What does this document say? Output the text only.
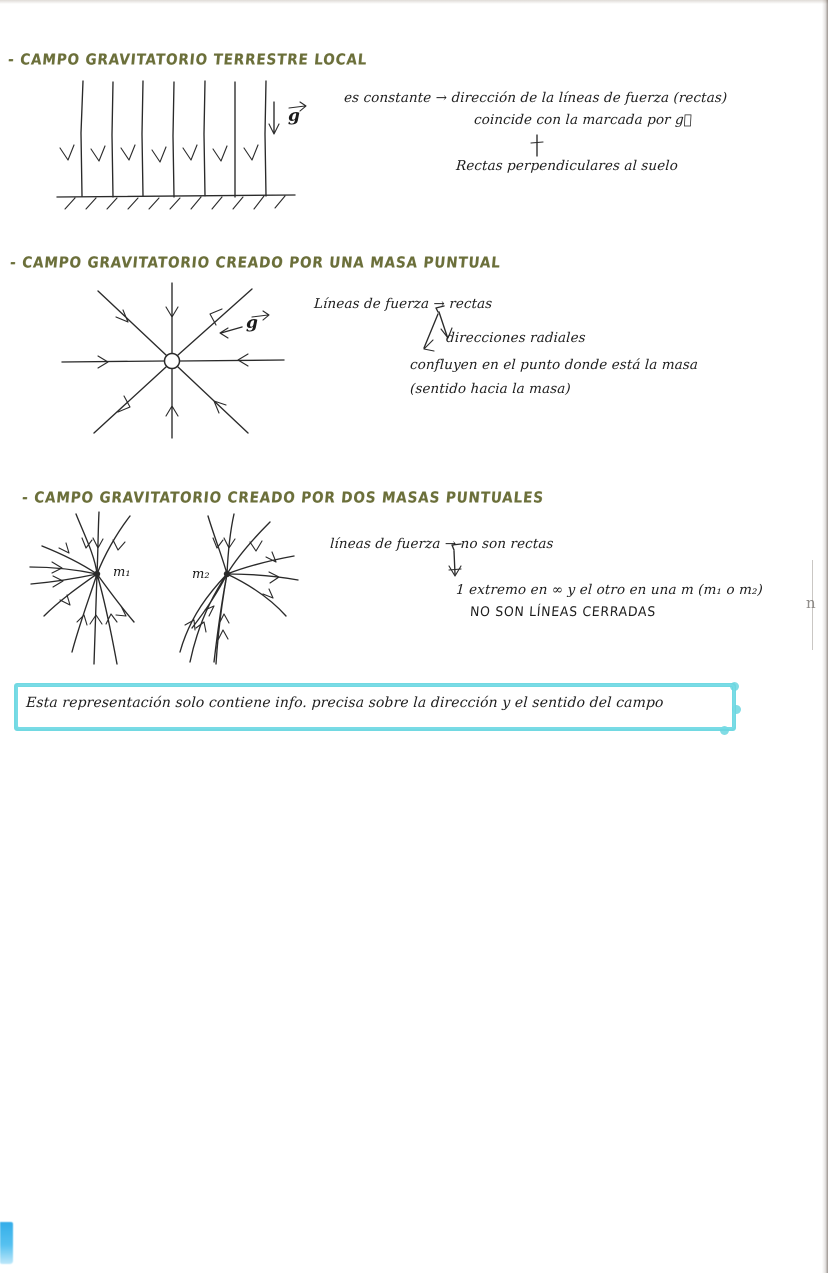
n
- CAMPO GRAVITATORIO TERRESTRE LOCAL
g
es constante → dirección de la líneas de fuerza (rectas)
coincide con la marcada por g⃗
Rectas perpendiculares al suelo
- CAMPO GRAVITATORIO CREADO POR UNA MASA PUNTUAL
g
Líneas de fuerza → rectas
direcciones radiales
confluyen en el punto donde está la masa
(sentido hacia la masa)
- CAMPO GRAVITATORIO CREADO POR DOS MASAS PUNTUALES
m₁	m₂
líneas de fuerza → no son rectas
1 extremo en ∞ y el otro en una m (m₁ o m₂)
NO SON LÍNEAS CERRADAS
Esta representación solo contiene info. precisa sobre la dirección y el sentido del campo
